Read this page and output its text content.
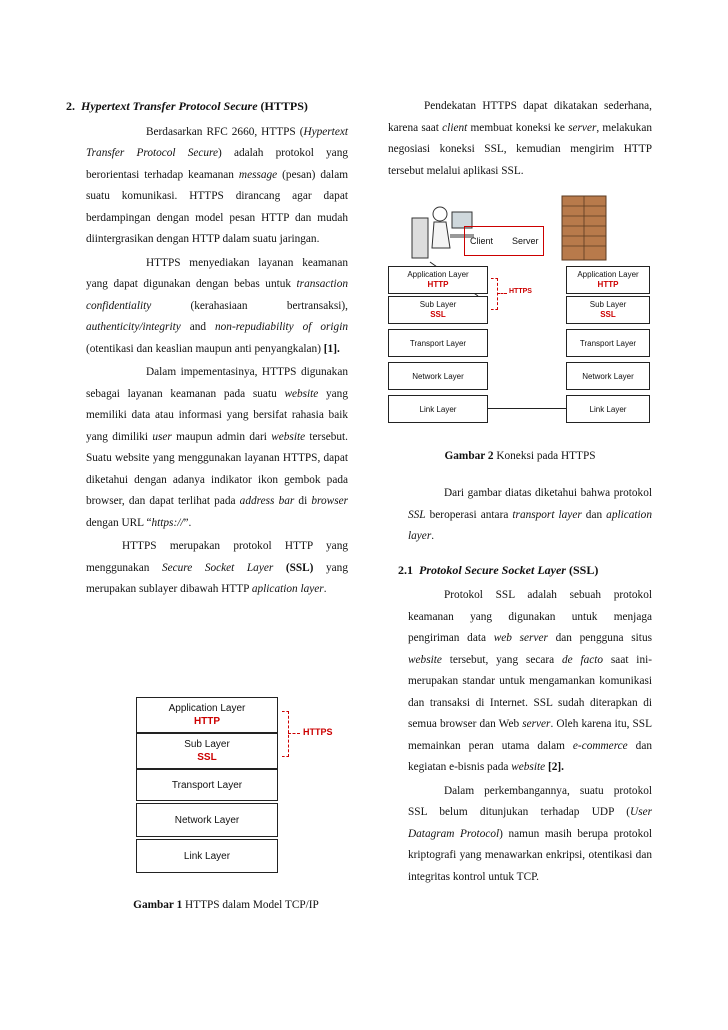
2. Hypertext Transfer Protocol Secure (HTTPS)

Berdasarkan RFC 2660, HTTPS (Hypertext Transfer Protocol Secure) adalah protokol yang berorientasi terhadap keamanan message (pesan) dalam suatu komunikasi. HTTPS dirancang agar dapat berdampingan dengan model pesan HTTP dan mudah diintergrasikan dengan HTTP dalam suatu jaringan.

HTTPS menyediakan layanan keamanan yang dapat digunakan dengan bebas untuk transaction confidentiality (kerahasiaan bertransaksi), authenticity/integrity and non-repudiability of origin (otentikasi dan keaslian maupun anti penyangkalan) [1].

Dalam impementasinya, HTTPS digunakan sebagai layanan keamanan pada suatu website yang memiliki data atau informasi yang bersifat rahasia baik yang dimiliki user maupun admin dari website tersebut. Suatu website yang menggunakan layanan HTTPS, dapat diketahui dengan adanya indikator ikon gembok pada browser, dan dapat terlihat pada address bar di browser dengan URL “https://”.

HTTPS merupakan protokol HTTP yang menggunakan Secure Socket Layer (SSL) yang merupakan sublayer dibawah HTTP aplication layer.

Application Layer
HTTP
Sub Layer
SSL
Transport Layer
Network Layer
Link Layer
HTTPS
Gambar 1 HTTPS dalam Model TCP/IP

Pendekatan HTTPS dapat dikatakan sederhana, karena saat client membuat koneksi ke server, melakukan negosiasi koneksi SSL, kemudian mengirim HTTP tersebut melalui aplikasi SSL.

Client Server
Application Layer
HTTP
Sub Layer
SSL
Transport Layer
Network Layer
Link Layer
Application Layer
HTTP
Sub Layer
SSL
Transport Layer
Network Layer
Link Layer
HTTPS
Gambar 2 Koneksi pada HTTPS

Dari gambar diatas diketahui bahwa protokol SSL beroperasi antara transport layer dan aplication layer.

2.1 Protokol Secure Socket Layer (SSL)

Protokol SSL adalah sebuah protokol keamanan yang digunakan untuk menjaga pengiriman data web server dan pengguna situs website tersebut, yang secara de facto saat ini-merupakan standar untuk mengamankan komunikasi dan transaksi di Internet. SSL sudah diterapkan di semua browser dan Web server. Oleh karena itu, SSL memainkan peran utama dalam e-commerce dan kegiatan e-bisnis pada website [2].

Dalam perkembangannya, suatu protokol SSL belum ditunjukan terhadap UDP (User Datagram Protocol) namun masih berupa protokol kriptografi yang menawarkan enkripsi, otentikasi dan integritas kontrol untuk TCP.
